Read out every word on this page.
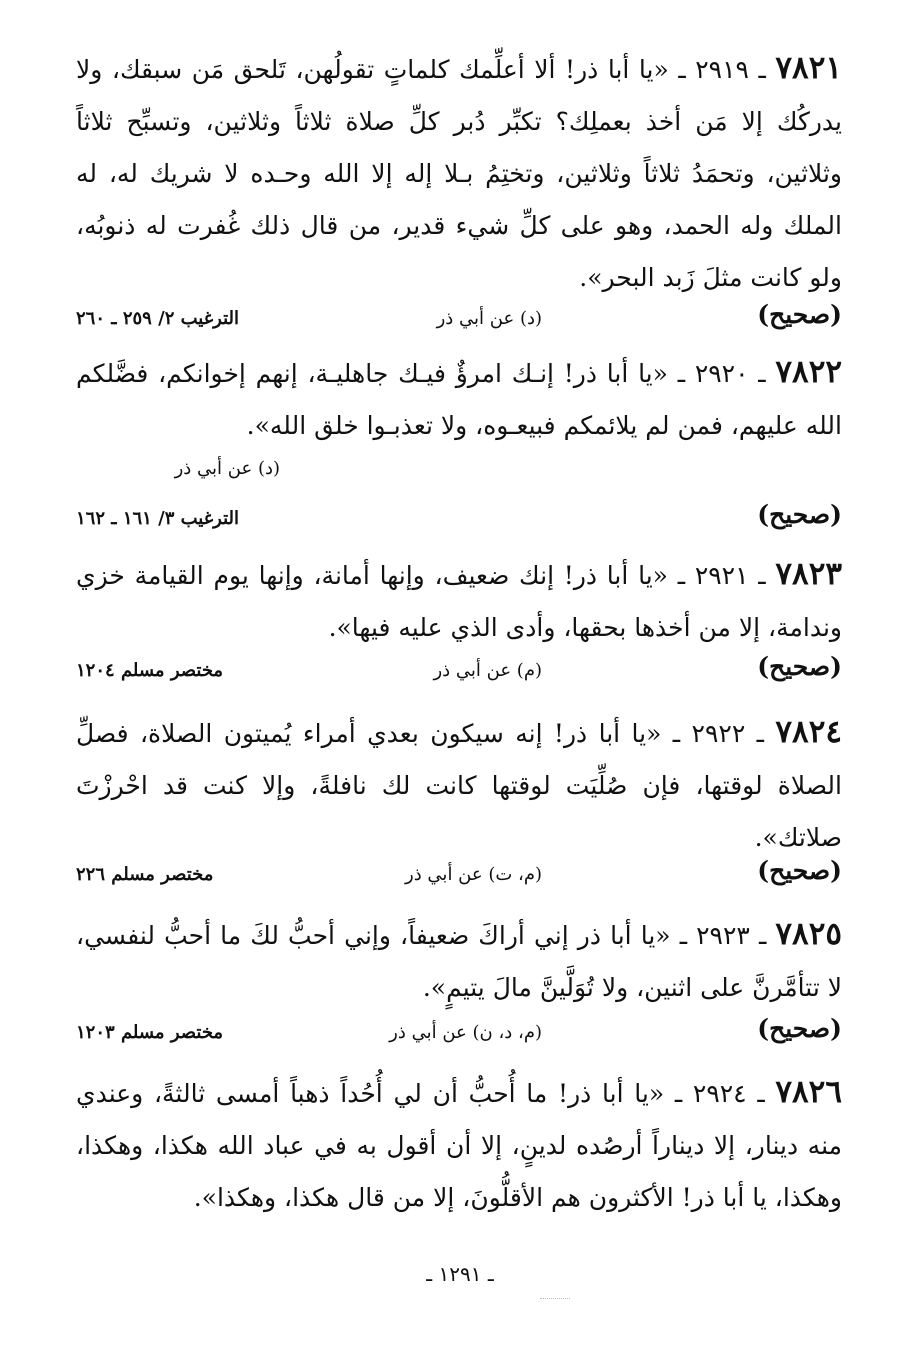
٧٨٢١ ـ ٢٩١٩ ـ «يا أبا ذر! ألا أعلِّمك كلماتٍ تقولُهن، تَلحق مَن سبقك، ولا يدركُك إلا مَن أخذ بعملِك؟ تكبِّر دُبر كلِّ صلاة ثلاثاً وثلاثين، وتسبِّح ثلاثاً وثلاثين، وتحمَدُ ثلاثاً وثلاثين، وتختِمُ بـلا إله إلا الله وحـده لا شريك له، له الملك وله الحمد، وهو على كلِّ شيء قدير، من قال ذلك غُفرت له ذنوبُه، ولو كانت مثلَ زَبد البحر».
(صحيح)
(د) عن أبي ذر
الترغيب ٢/ ٢٥٩ ـ ٢٦٠
٧٨٢٢ ـ ٢٩٢٠ ـ «يا أبا ذر! إنـك امرؤٌ فيـك جاهليـة، إنهم إخوانكم، فضَّلكم الله عليهم، فمن لم يلائمكم فبيعـوه، ولا تعذبـوا خلق الله».
(د) عن أبي ذر
(صحيح)
الترغيب ٣/ ١٦١ ـ ١٦٢
٧٨٢٣ ـ ٢٩٢١ ـ «يا أبا ذر! إنك ضعيف، وإنها أمانة، وإنها يوم القيامة خزي وندامة، إلا من أخذها بحقها، وأدى الذي عليه فيها».
(صحيح)
(م) عن أبي ذر
مختصر مسلم ١٢٠٤
٧٨٢٤ ـ ٢٩٢٢ ـ «يا أبا ذر! إنه سيكون بعدي أمراء يُميتون الصلاة، فصلِّ الصلاة لوقتها، فإن صُلِّيَت لوقتها كانت لك نافلةً، وإلا كنت قد احْرزْتَ صلاتك».
(صحيح)
(م، ت) عن أبي ذر
مختصر مسلم ٢٢٦
٧٨٢٥ ـ ٢٩٢٣ ـ «يا أبا ذر إني أراكَ ضعيفاً، وإني أحبُّ لكَ ما أحبُّ لنفسي، لا تتأمَّرنَّ على اثنين، ولا تُوَلَّينَّ مالَ يتيمٍ».
(صحيح)
(م، د، ن) عن أبي ذر
مختصر مسلم ١٢٠٣
٧٨٢٦ ـ ٢٩٢٤ ـ «يا أبا ذر! ما أُحبُّ أن لي أُحُداً ذهباً أمسى ثالثةً، وعندي منه دينار، إلا ديناراً أرصُده لدينٍ، إلا أن أقول به في عباد الله هكذا، وهكذا، وهكذا، يا أبا ذر! الأكثرون هم الأقلُّونَ، إلا من قال هكذا، وهكذا».
ـ ١٢٩١ ـ
